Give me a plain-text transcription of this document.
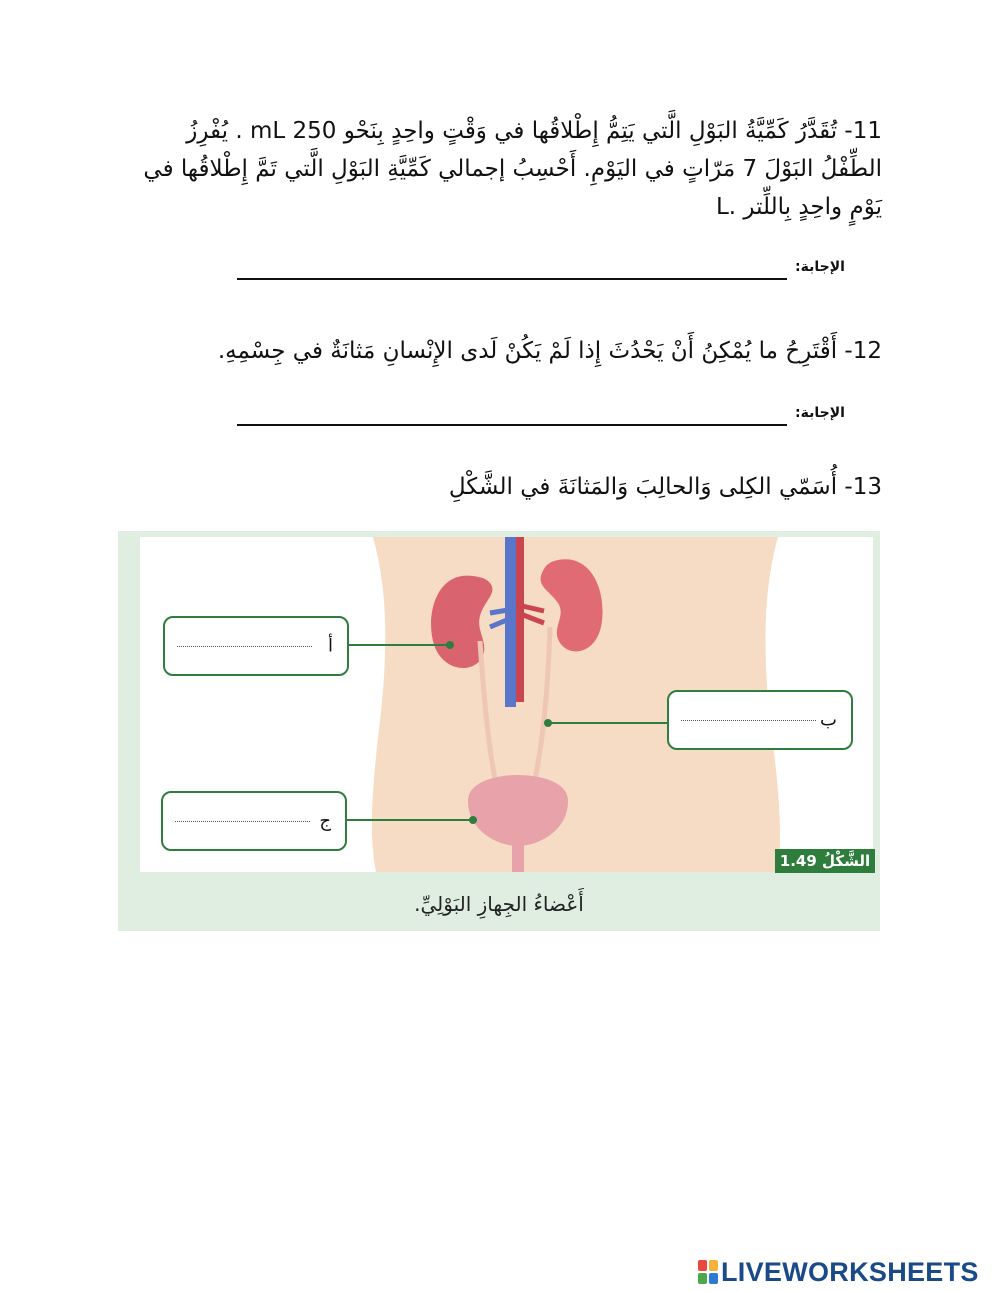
11- تُقَدَّرُ كَمِّيَّةُ البَوْلِ الَّتي يَتِمُّ إِطْلاقُها في وَقْتٍ واحِدٍ بِنَحْو 250 mL . يُفْرِزُ الطِّفْلُ البَوْلَ 7 مَرّاتٍ في اليَوْمِ. أَحْسِبُ إجمالي كَمِّيَّةِ البَوْلِ الَّتي تَمَّ إِطْلاقُها في يَوْمٍ واحِدٍ بِاللِّتر .L
الإجابة:
12- أَقْتَرِحُ ما يُمْكِنُ أَنْ يَحْدُثَ إِذا لَمْ يَكُنْ لَدى الإِنْسانِ مَثانَةٌ في جِسْمِهِ.
الإجابة:
13- أُسَمّي الكِلى وَالحالِبَ وَالمَثانَةَ في الشَّكْلِ
أ
ب
ج
الشَّكْلُ 1.49
أَعْضاءُ الجِهازِ البَوْلِيِّ.
LIVEWORKSHEETS
